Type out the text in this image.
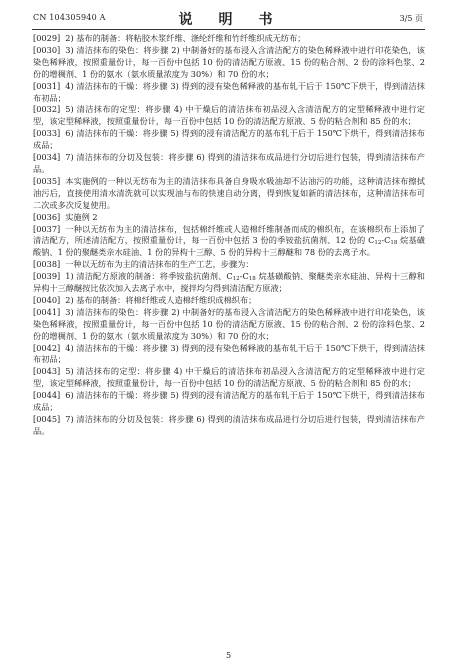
CN 104305940 A	说　明　书	3/5 页

[0029] 2) 基布的制备：将粘胶木浆纤维、涤纶纤维和竹纤维织成无纺布；

[0030] 3) 清洁抹布的染色：将步骤 2) 中制备好的基布浸入含清洁配方的染色稀释液中进行印花染色，该染色稀释液，按照重量份计，每一百份中包括 10 份的清洁配方原液、15 份的粘合剂、2 份的涂料色浆、2 份的增稠剂、1 份的氨水（氨水质量浓度为 30%）和 70 份的水；

[0031] 4) 清洁抹布的干燥：将步骤 3) 得到的浸有染色稀释液的基布轧干后于 150℃下烘干，得到清洁抹布初品；

[0032] 5) 清洁抹布的定型：将步骤 4) 中干燥后的清洁抹布初品浸入含清洁配方的定型稀释液中进行定型，该定型稀释液，按照重量份计，每一百份中包括 10 份的清洁配方原液、5 份的粘合剂和 85 份的水；

[0033] 6) 清洁抹布的干燥：将步骤 5) 得到的浸有清洁配方的基布轧干后于 150℃下烘干，得到清洁抹布成品；

[0034] 7) 清洁抹布的分切及包装：将步骤 6) 得到的清洁抹布成品进行分切后进行包装，得到清洁抹布产品。

[0035] 本实施例的一种以无纺布为主的清洁抹布具备自身吸水吸油却不沾油污的功能，这种清洁抹布擦拭油污后，直接使用清水清洗就可以实现油与布的快速自动分离，得到恢复如新的清洁抹布，这种清洁抹布可二次或多次反复使用。

[0036] 实施例 2

[0037] 一种以无纺布为主的清洁抹布，包括棉纤维或人造棉纤维制备而成的棉织布，在该棉织布上添加了清洁配方，所述清洁配方，按照重量份计，每一百份中包括 3 份的季铵盐抗菌剂、12 份的 $C_{12}-C_{18}$ 烷基磺酸钠、1 份的聚醚类亲水硅油、1 份的异构十三醇、5 份的异构十三醇醚和 78 份的去离子水。

[0038] 一种以无纺布为主的清洁抹布的生产工艺，步骤为：

[0039] 1) 清洁配方原液的制备：将季铵盐抗菌剂、$C_{12}-C_{18}$ 烷基磺酸钠、聚醚类亲水硅油、异构十三醇和异构十三醇醚按比依次加入去离子水中，搅拌均匀得到清洁配方原液；

[0040] 2) 基布的制备：将棉纤维或人造棉纤维织成棉织布；

[0041] 3) 清洁抹布的染色：将步骤 2) 中制备好的基布浸入含清洁配方的染色稀释液中进行印花染色，该染色稀释液，按照重量份计，每一百份中包括 10 份的清洁配方原液、15 份的粘合剂、2 份的涂料色浆、2 份的增稠剂、1 份的氨水（氨水质量浓度为 30%）和 70 份的水；

[0042] 4) 清洁抹布的干燥：将步骤 3) 得到的浸有染色稀释液的基布轧干后于 150℃下烘干，得到清洁抹布初品；

[0043] 5) 清洁抹布的定型：将步骤 4) 中干燥后的清洁抹布初品浸入含清洁配方的定型稀释液中进行定型，该定型稀释液，按照重量份计，每一百份中包括 10 份的清洁配方原液、5 份的粘合剂和 85 份的水；

[0044] 6) 清洁抹布的干燥：将步骤 5) 得到的浸有清洁配方的基布轧干后于 150℃下烘干，得到清洁抹布成品；

[0045] 7) 清洁抹布的分切及包装：将步骤 6) 得到的清洁抹布成品进行分切后进行包装，得到清洁抹布产品。

5
